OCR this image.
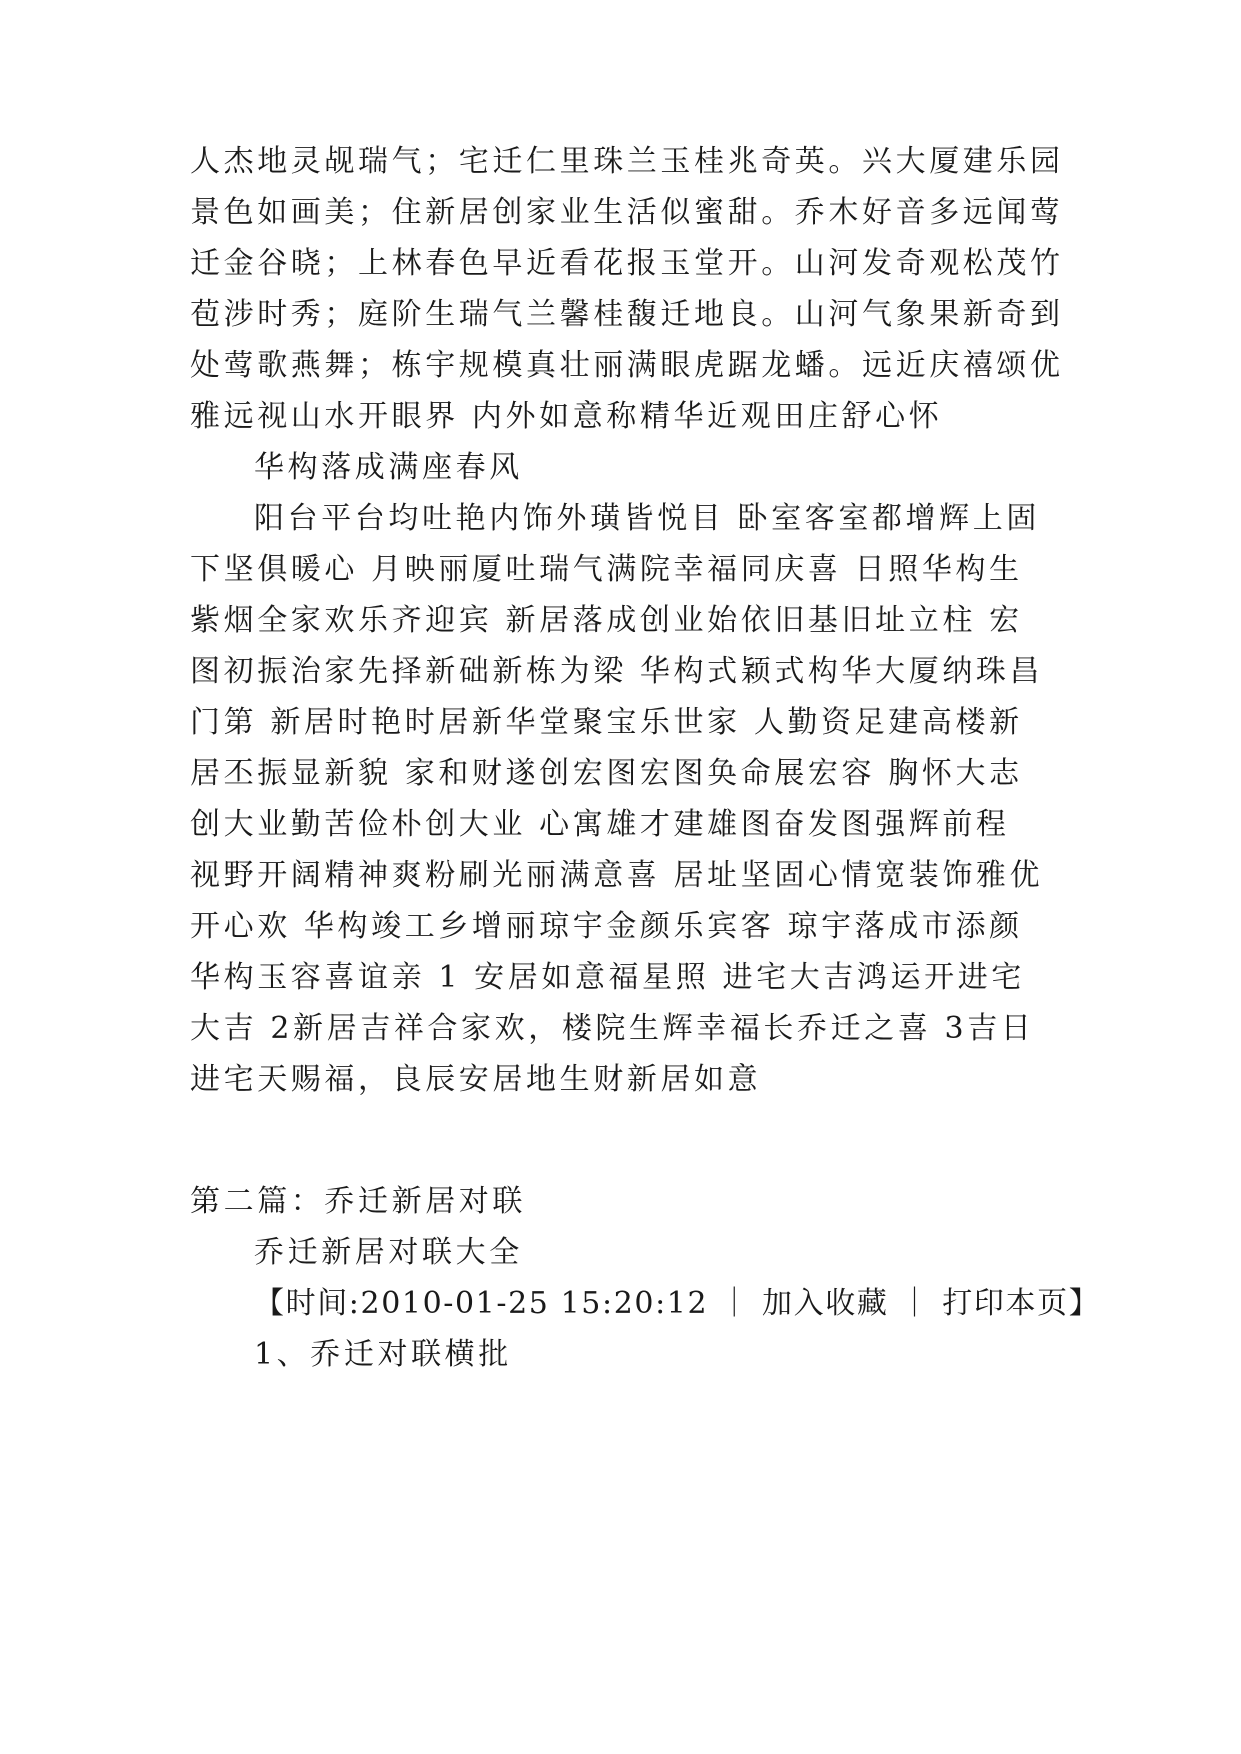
人杰地灵觇瑞气；宅迁仁里珠兰玉桂兆奇英。兴大厦建乐园
景色如画美；住新居创家业生活似蜜甜。乔木好音多远闻莺
迁金谷晓；上林春色早近看花报玉堂开。山河发奇观松茂竹
苞涉时秀；庭阶生瑞气兰馨桂馥迁地良。山河气象果新奇到
处莺歌燕舞；栋宇规模真壮丽满眼虎踞龙蟠。远近庆禧颂优
雅远视山水开眼界 内外如意称精华近观田庄舒心怀
华构落成满座春风
阳台平台均吐艳内饰外璜皆悦目 卧室客室都增辉上固
下坚俱暖心 月映丽厦吐瑞气满院幸福同庆喜 日照华构生
紫烟全家欢乐齐迎宾 新居落成创业始依旧基旧址立柱 宏
图初振治家先择新础新栋为梁 华构式颖式构华大厦纳珠昌
门第 新居时艳时居新华堂聚宝乐世家 人勤资足建高楼新
居丕振显新貌 家和财遂创宏图宏图奂命展宏容 胸怀大志
创大业勤苦俭朴创大业 心寓雄才建雄图奋发图强辉前程
视野开阔精神爽粉刷光丽满意喜 居址坚固心情宽装饰雅优
开心欢 华构竣工乡增丽琼宇金颜乐宾客 琼宇落成市添颜
华构玉容喜谊亲 1 安居如意福星照 进宅大吉鸿运开进宅
大吉 2新居吉祥合家欢，楼院生辉幸福长乔迁之喜 3吉日
进宅天赐福，良辰安居地生财新居如意
第二篇：乔迁新居对联
乔迁新居对联大全
【时间:2010-01-25 15:20:12 ｜ 加入收藏 ｜ 打印本页】
1、乔迁对联横批
